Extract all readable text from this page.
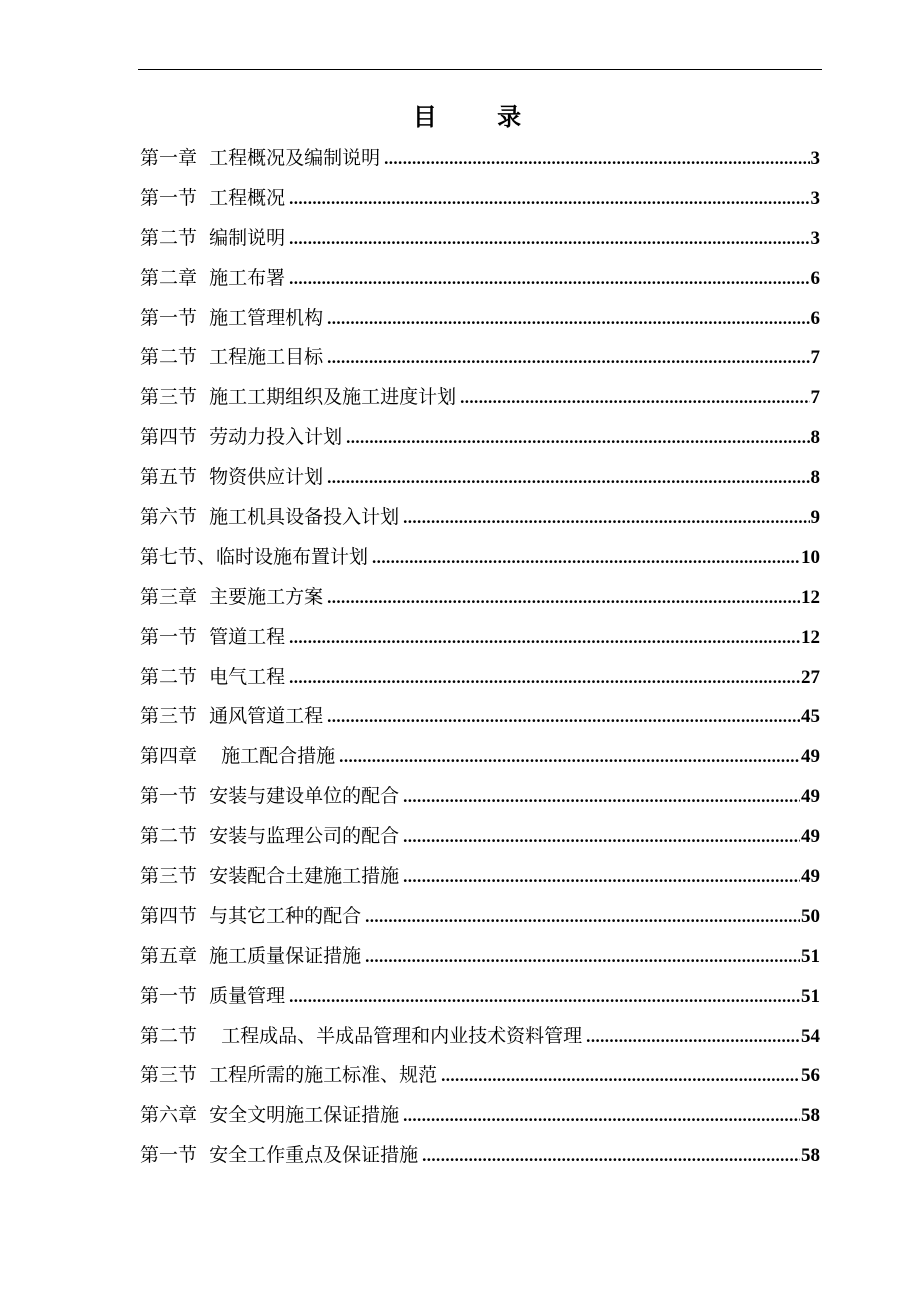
目 录
第一章  工程概况及编制说明 .....	3
第一节  工程概况 .....	3
第二节  编制说明 .....	3
第二章  施工布署 .....	6
第一节  施工管理机构 .....	6
第二节  工程施工目标 .....	7
第三节  施工工期组织及施工进度计划 .....	7
第四节  劳动力投入计划 .....	8
第五节  物资供应计划 .....	8
第六节  施工机具设备投入计划 .....	9
第七节、临时设施布置计划 .....	10
第三章  主要施工方案 .....	12
第一节  管道工程 .....	12
第二节  电气工程 .....	27
第三节  通风管道工程 .....	45
第四章    施工配合措施 .....	49
第一节  安装与建设单位的配合 .....	49
第二节  安装与监理公司的配合 .....	49
第三节  安装配合土建施工措施 .....	49
第四节  与其它工种的配合 .....	50
第五章  施工质量保证措施 .....	51
第一节  质量管理 .....	51
第二节    工程成品、半成品管理和内业技术资料管理 .....	54
第三节  工程所需的施工标准、规范 .....	56
第六章  安全文明施工保证措施 .....	58
第一节  安全工作重点及保证措施 .....	58
